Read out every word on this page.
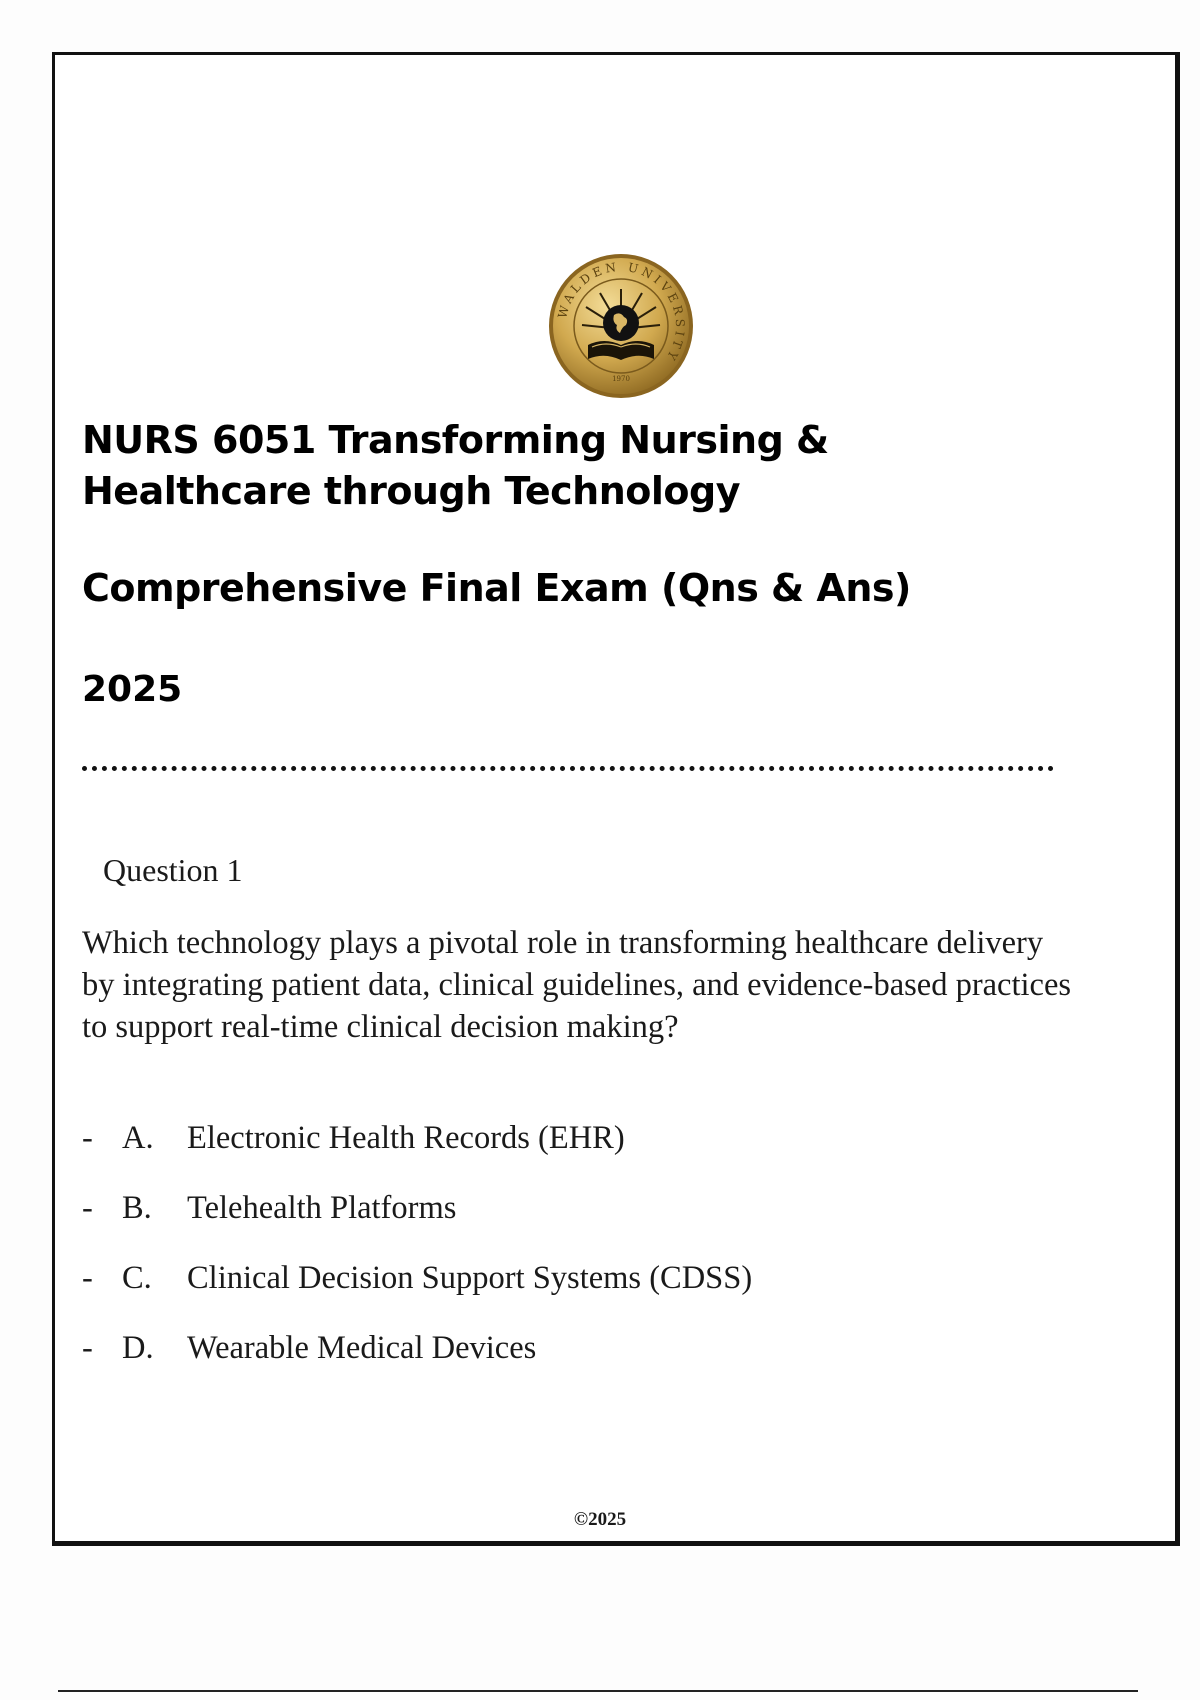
WALDEN UNIVERSITY
1970
NURS 6051 Transforming Nursing & Healthcare through Technology
Comprehensive Final Exam (Qns & Ans)
2025
Question 1

Which technology plays a pivotal role in transforming healthcare delivery by integrating patient data, clinical guidelines, and evidence-based practices to support real-time clinical decision making?

- A.	Electronic Health Records (EHR)
- B.	Telehealth Platforms
- C.	Clinical Decision Support Systems (CDSS)
- D.	Wearable Medical Devices
©2025
